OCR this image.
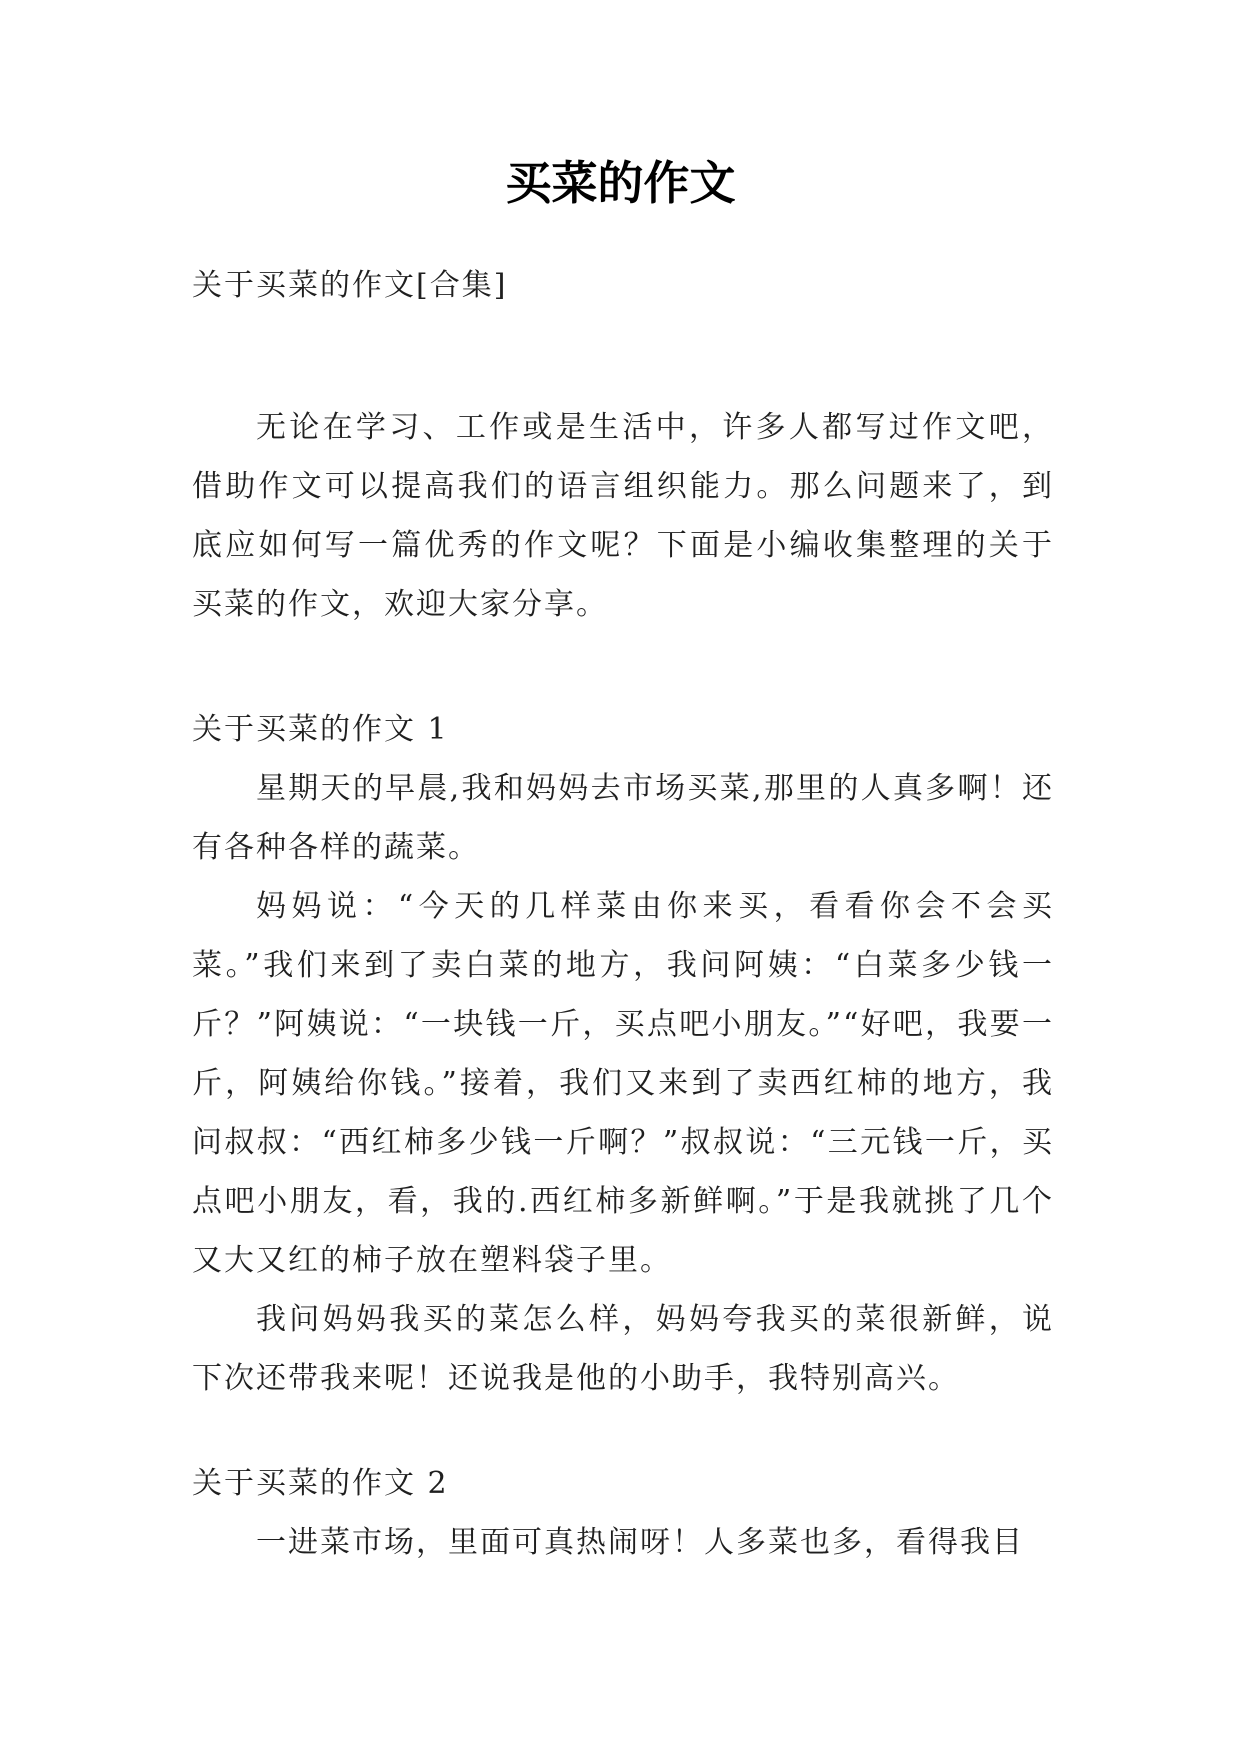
买菜的作文

关于买菜的作文[合集]

无论在学习、工作或是生活中，许多人都写过作文吧，借助作文可以提高我们的语言组织能力。那么问题来了，到底应如何写一篇优秀的作文呢？下面是小编收集整理的关于买菜的作文，欢迎大家分享。

关于买菜的作文 1

星期天的早晨,我和妈妈去市场买菜,那里的人真多啊！还有各种各样的蔬菜。

妈妈说：“今天的几样菜由你来买，看看你会不会买菜。”我们来到了卖白菜的地方，我问阿姨：“白菜多少钱一斤？”阿姨说：“一块钱一斤，买点吧小朋友。”“好吧，我要一斤，阿姨给你钱。”接着，我们又来到了卖西红柿的地方，我问叔叔：“西红柿多少钱一斤啊？”叔叔说：“三元钱一斤，买点吧小朋友，看，我的.西红柿多新鲜啊。”于是我就挑了几个又大又红的柿子放在塑料袋子里。

我问妈妈我买的菜怎么样，妈妈夸我买的菜很新鲜，说下次还带我来呢！还说我是他的小助手，我特别高兴。

关于买菜的作文 2

一进菜市场，里面可真热闹呀！人多菜也多，看得我目
